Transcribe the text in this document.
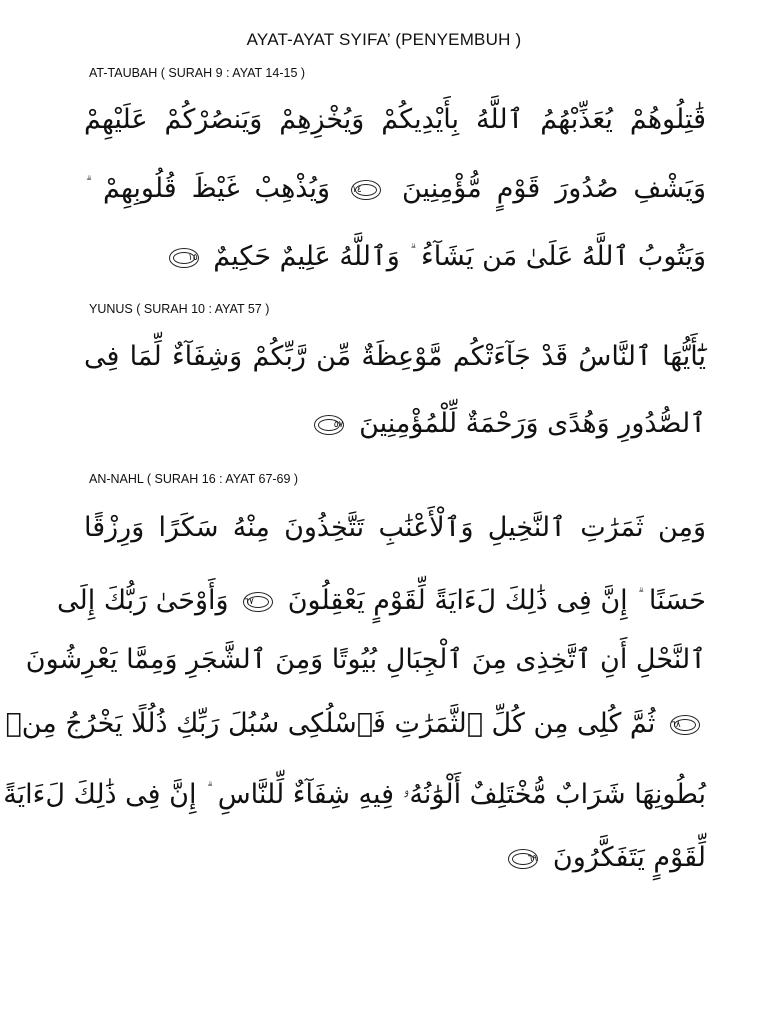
AYAT-AYAT SYIFA’ (PENYEMBUH )
AT-TAUBAH ( SURAH 9 : AYAT 14-15 )
قَٰتِلُوهُمْ يُعَذِّبْهُمُ ٱللَّهُ بِأَيْدِيكُمْ وَيُخْزِهِمْ وَيَنصُرْكُمْ عَلَيْهِمْ
وَيَشْفِ صُدُورَ قَوْمٍ مُّؤْمِنِينَ
١٤
وَيُذْهِبْ غَيْظَ قُلُوبِهِمْ
وَيَتُوبُ ٱللَّهُ عَلَىٰ مَن يَشَآءُ وَٱللَّهُ عَلِيمٌ حَكِيمٌ
١٥
YUNUS ( SURAH 10 : AYAT 57 )
يَٰٓأَيُّهَا ٱلنَّاسُ قَدْ جَآءَتْكُم مَّوْعِظَةٌ مِّن رَّبِّكُمْ وَشِفَآءٌ لِّمَا فِى
ٱلصُّدُورِ وَهُدًى وَرَحْمَةٌ لِّلْمُؤْمِنِينَ
٥٧
AN-NAHL ( SURAH 16 : AYAT 67-69 )
وَمِن ثَمَرَٰتِ ٱلنَّخِيلِ وَٱلْأَعْنَٰبِ تَتَّخِذُونَ مِنْهُ سَكَرًا وَرِزْقًا
حَسَنًا إِنَّ فِى ذَٰلِكَ لَءَايَةً لِّقَوْمٍ يَعْقِلُونَ
٦٧
وَأَوْحَىٰ رَبُّكَ إِلَى
ٱلنَّحْلِ أَنِ ٱتَّخِذِى مِنَ ٱلْجِبَالِ بُيُوتًا وَمِنَ ٱلشَّجَرِ وَمِمَّا يَعْرِشُونَ
٦٨
ثُمَّ كُلِى مِن كُلِّ ٱلثَّمَرَٰتِ فَٱسْلُكِى سُبُلَ رَبِّكِ ذُلُلًا يَخْرُجُ مِنۢ
بُطُونِهَا شَرَابٌ مُّخْتَلِفٌ أَلْوَٰنُهُۥ فِيهِ شِفَآءٌ لِّلنَّاسِ إِنَّ فِى ذَٰلِكَ لَءَايَةً
لِّقَوْمٍ يَتَفَكَّرُونَ
٦٩
